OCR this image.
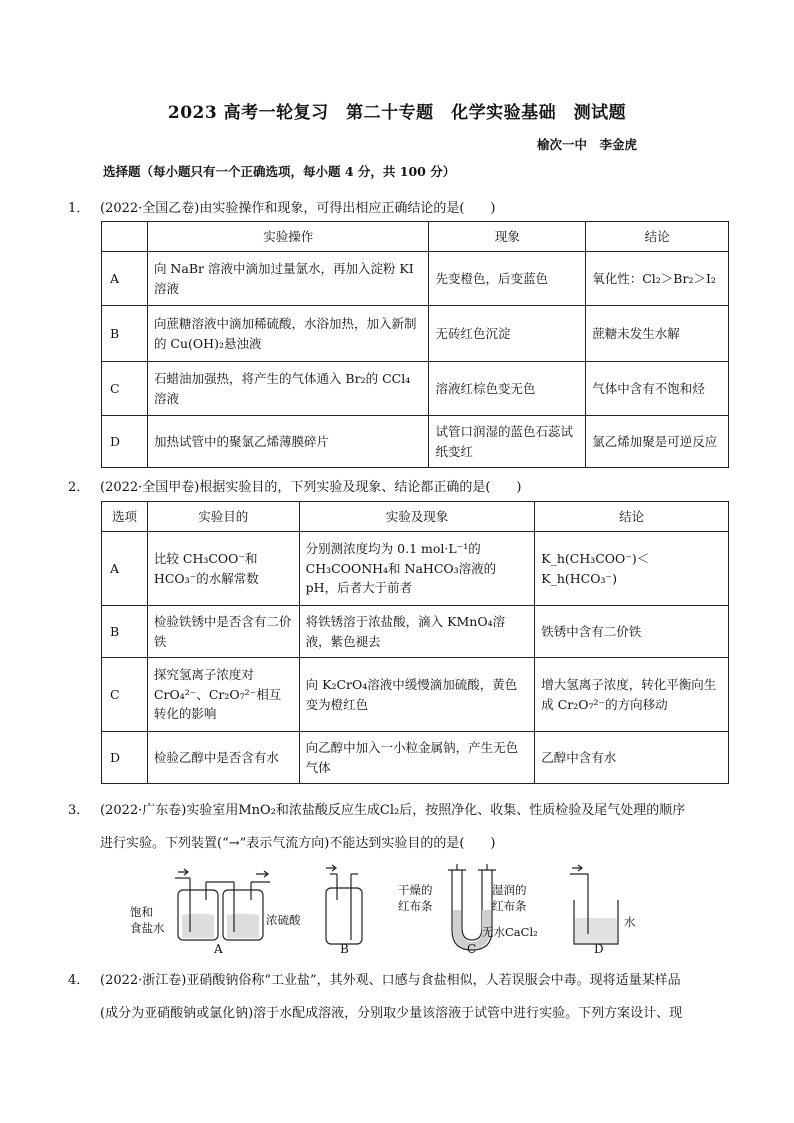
2023 高考一轮复习　第二十专题　化学实验基础　测试题
榆次一中　李金虎
选择题（每小题只有一个正确选项，每小题 4 分，共 100 分）
1． (2022·全国乙卷)由实验操作和现象，可得出相应正确结论的是(　　)
	实验操作	现象	结论
A	向 NaBr 溶液中滴加过量氯水，再加入淀粉 KI 溶液	先变橙色，后变蓝色	氧化性：Cl₂＞Br₂＞I₂
B	向蔗糖溶液中滴加稀硫酸，水浴加热，加入新制的 Cu(OH)₂悬浊液	无砖红色沉淀	蔗糖未发生水解
C	石蜡油加强热，将产生的气体通入 Br₂的 CCl₄溶液	溶液红棕色变无色	气体中含有不饱和烃
D	加热试管中的聚氯乙烯薄膜碎片	试管口润湿的蓝色石蕊试纸变红	氯乙烯加聚是可逆反应
2． (2022·全国甲卷)根据实验目的，下列实验及现象、结论都正确的是(　　)
选项	实验目的	实验及现象	结论
A	比较 CH₃COO⁻和 HCO₃⁻的水解常数	分别测浓度均为 0.1 mol·L⁻¹的 CH₃COONH₄和 NaHCO₃溶液的 pH，后者大于前者	K_h(CH₃COO⁻)＜K_h(HCO₃⁻)
B	检验铁锈中是否含有二价铁	将铁锈溶于浓盐酸，滴入 KMnO₄溶液，紫色褪去	铁锈中含有二价铁
C	探究氢离子浓度对 CrO₄²⁻、Cr₂O₇²⁻相互转化的影响	向 K₂CrO₄溶液中缓慢滴加硫酸，黄色变为橙红色	增大氢离子浓度，转化平衡向生成 Cr₂O₇²⁻的方向移动
D	检验乙醇中是否含有水	向乙醇中加入一小粒金属钠，产生无色气体	乙醇中含有水
3． (2022·广东卷)实验室用MnO₂和浓盐酸反应生成Cl₂后，按照净化、收集、性质检验及尾气处理的顺序
进行实验。下列装置(“→”表示气流方向)不能达到实验目的的是(　　)
饱和
食盐水
浓硫酸
干燥的
红布条
湿润的
红布条
无水CaCl₂
水
A	B	C	D
4． (2022·浙江卷)亚硝酸钠俗称“工业盐”，其外观、口感与食盐相似，人若误服会中毒。现将适量某样品
(成分为亚硝酸钠或氯化钠)溶于水配成溶液，分别取少量该溶液于试管中进行实验。下列方案设计、现
